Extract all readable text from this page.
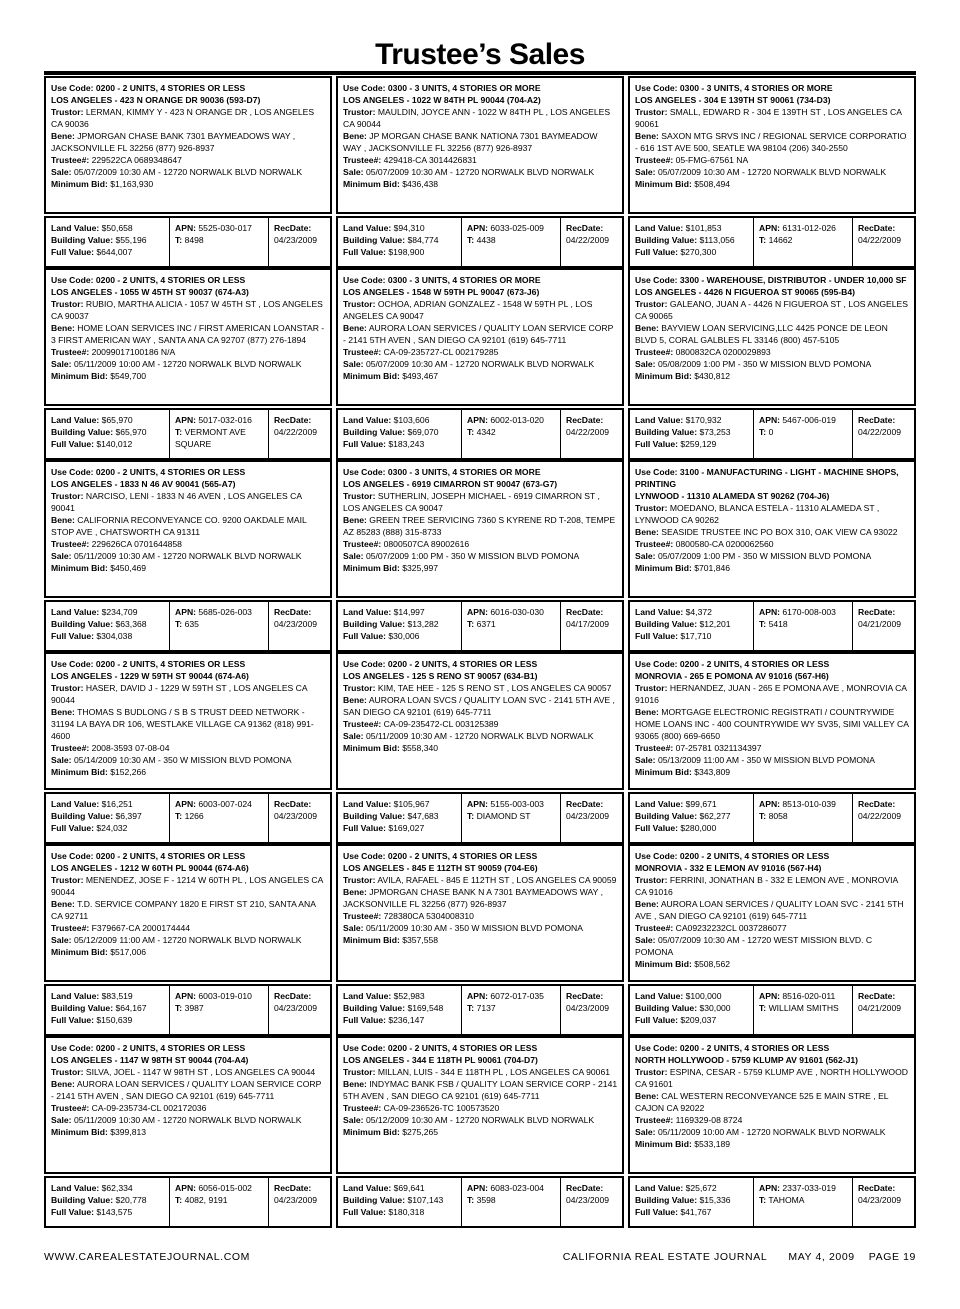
Trustee’s Sales
Use Code: 0200 - 2 UNITS, 4 STORIES OR LESS
LOS ANGELES - 423 N ORANGE DR 90036 (593-D7)
Trustor: LERMAN, KIMMY Y - 423 N ORANGE DR , LOS ANGELES CA 90036
Bene: JPMORGAN CHASE BANK 7301 BAYMEADOWS WAY , JACKSONVILLE FL 32256 (877) 926-8937
Trustee#: 229522CA 0689348647
Sale: 05/07/2009 10:30 AM - 12720 NORWALK BLVD NORWALK
Minimum Bid: $1,163,930
Land Value: $50,658
Building Value: $55,196
Full Value: $644,007
APN: 5525-030-017
T: 8498
RecDate:
04/23/2009
Use Code: 0200 - 2 UNITS, 4 STORIES OR LESS
LOS ANGELES - 1055 W 45TH ST 90037 (674-A3)
Trustor: RUBIO, MARTHA ALICIA - 1057 W 45TH ST , LOS ANGELES CA 90037
Bene: HOME LOAN SERVICES INC / FIRST AMERICAN LOANSTAR - 3 FIRST AMERICAN WAY , SANTA ANA CA 92707 (877) 276-1894
Trustee#: 20099017100186 N/A
Sale: 05/11/2009 10:00 AM - 12720 NORWALK BLVD NORWALK
Minimum Bid: $549,700
Land Value: $65,970
Building Value: $65,970
Full Value: $140,012
APN: 5017-032-016
T: VERMONT AVE SQUARE
RecDate:
04/22/2009
Use Code: 0200 - 2 UNITS, 4 STORIES OR LESS
LOS ANGELES - 1833 N 46 AV 90041 (565-A7)
Trustor: NARCISO, LENI - 1833 N 46 AVEN , LOS ANGELES CA 90041
Bene: CALIFORNIA RECONVEYANCE CO. 9200 OAKDALE MAIL STOP AVE , CHATSWORTH CA 91311
Trustee#: 229626CA 0701644858
Sale: 05/11/2009 10:30 AM - 12720 NORWALK BLVD NORWALK
Minimum Bid: $450,469
Land Value: $234,709
Building Value: $63,368
Full Value: $304,038
APN: 5685-026-003
T: 635
RecDate:
04/23/2009
Use Code: 0200 - 2 UNITS, 4 STORIES OR LESS
LOS ANGELES - 1229 W 59TH ST 90044 (674-A6)
Trustor: HASER, DAVID J - 1229 W 59TH ST , LOS ANGELES CA 90044
Bene: THOMAS S BUDLONG / S B S TRUST DEED NETWORK - 31194 LA BAYA DR 106, WESTLAKE VILLAGE CA 91362 (818) 991-4600
Trustee#: 2008-3593 07-08-04
Sale: 05/14/2009 10:30 AM - 350 W MISSION BLVD POMONA
Minimum Bid: $152,266
Land Value: $16,251
Building Value: $6,397
Full Value: $24,032
APN: 6003-007-024
T: 1266
RecDate:
04/23/2009
Use Code: 0200 - 2 UNITS, 4 STORIES OR LESS
LOS ANGELES - 1212 W 60TH PL 90044 (674-A6)
Trustor: MENENDEZ, JOSE F - 1214 W 60TH PL , LOS ANGELES CA 90044
Bene: T.D. SERVICE COMPANY 1820 E FIRST ST 210, SANTA ANA CA 92711
Trustee#: F379667-CA 2000174444
Sale: 05/12/2009 11:00 AM - 12720 NORWALK BLVD NORWALK
Minimum Bid: $517,006
Land Value: $83,519
Building Value: $64,167
Full Value: $150,639
APN: 6003-019-010
T: 3987
RecDate:
04/23/2009
Use Code: 0200 - 2 UNITS, 4 STORIES OR LESS
LOS ANGELES - 1147 W 98TH ST 90044 (704-A4)
Trustor: SILVA, JOEL - 1147 W 98TH ST , LOS ANGELES CA 90044
Bene: AURORA LOAN SERVICES / QUALITY LOAN SERVICE CORP - 2141 5TH AVEN , SAN DIEGO CA 92101 (619) 645-7711
Trustee#: CA-09-235734-CL 002172036
Sale: 05/11/2009 10:30 AM - 12720 NORWALK BLVD NORWALK
Minimum Bid: $399,813
Land Value: $62,334
Building Value: $20,778
Full Value: $143,575
APN: 6056-015-002
T: 4082, 9191
RecDate:
04/23/2009
Use Code: 0300 - 3 UNITS, 4 STORIES OR MORE
LOS ANGELES - 1022 W 84TH PL 90044 (704-A2)
Trustor: MAULDIN, JOYCE ANN - 1022 W 84TH PL , LOS ANGELES CA 90044
Bene: JP MORGAN CHASE BANK NATIONA 7301 BAYMEADOW WAY , JACKSONVILLE FL 32256 (877) 926-8937
Trustee#: 429418-CA 3014426831
Sale: 05/07/2009 10:30 AM - 12720 NORWALK BLVD NORWALK
Minimum Bid: $436,438
Land Value: $94,310
Building Value: $84,774
Full Value: $198,900
APN: 6033-025-009
T: 4438
RecDate:
04/22/2009
Use Code: 0300 - 3 UNITS, 4 STORIES OR MORE
LOS ANGELES - 1548 W 59TH PL 90047 (673-J6)
Trustor: OCHOA, ADRIAN GONZALEZ - 1548 W 59TH PL , LOS ANGELES CA 90047
Bene: AURORA LOAN SERVICES / QUALITY LOAN SERVICE CORP - 2141 5TH AVEN , SAN DIEGO CA 92101 (619) 645-7711
Trustee#: CA-09-235727-CL 002179285
Sale: 05/07/2009 10:30 AM - 12720 NORWALK BLVD NORWALK
Minimum Bid: $493,467
Land Value: $103,606
Building Value: $69,070
Full Value: $183,243
APN: 6002-013-020
T: 4342
RecDate:
04/22/2009
Use Code: 0300 - 3 UNITS, 4 STORIES OR MORE
LOS ANGELES - 6919 CIMARRON ST 90047 (673-G7)
Trustor: SUTHERLIN, JOSEPH MICHAEL - 6919 CIMARRON ST , LOS ANGELES CA 90047
Bene: GREEN TREE SERVICING 7360 S KYRENE RD T-208, TEMPE AZ 85283 (888) 315-8733
Trustee#: 0800507CA 89002616
Sale: 05/07/2009 1:00 PM - 350 W MISSION BLVD POMONA
Minimum Bid: $325,997
Land Value: $14,997
Building Value: $13,282
Full Value: $30,006
APN: 6016-030-030
T: 6371
RecDate:
04/17/2009
Use Code: 0200 - 2 UNITS, 4 STORIES OR LESS
LOS ANGELES - 125 S RENO ST 90057 (634-B1)
Trustor: KIM, TAE HEE - 125 S RENO ST , LOS ANGELES CA 90057
Bene: AURORA LOAN SVCS / QUALITY LOAN SVC - 2141 5TH AVE , SAN DIEGO CA 92101 (619) 645-7711
Trustee#: CA-09-235472-CL 003125389
Sale: 05/11/2009 10:30 AM - 12720 NORWALK BLVD NORWALK
Minimum Bid: $558,340
Land Value: $105,967
Building Value: $47,683
Full Value: $169,027
APN: 5155-003-003
T: DIAMOND ST
RecDate:
04/23/2009
Use Code: 0200 - 2 UNITS, 4 STORIES OR LESS
LOS ANGELES - 845 E 112TH ST 90059 (704-E6)
Trustor: AVILA, RAFAEL - 845 E 112TH ST , LOS ANGELES CA 90059
Bene: JPMORGAN CHASE BANK N A 7301 BAYMEADOWS WAY , JACKSONVILLE FL 32256 (877) 926-8937
Trustee#: 728380CA 5304008310
Sale: 05/11/2009 10:30 AM - 350 W MISSION BLVD POMONA
Minimum Bid: $357,558
Land Value: $52,983
Building Value: $169,548
Full Value: $236,147
APN: 6072-017-035
T: 7137
RecDate:
04/23/2009
Use Code: 0200 - 2 UNITS, 4 STORIES OR LESS
LOS ANGELES - 344 E 118TH PL 90061 (704-D7)
Trustor: MILLAN, LUIS - 344 E 118TH PL , LOS ANGELES CA 90061
Bene: INDYMAC BANK FSB / QUALITY LOAN SERVICE CORP - 2141 5TH AVEN , SAN DIEGO CA 92101 (619) 645-7711
Trustee#: CA-09-236526-TC 100573520
Sale: 05/12/2009 10:30 AM - 12720 NORWALK BLVD NORWALK
Minimum Bid: $275,265
Land Value: $69,641
Building Value: $107,143
Full Value: $180,318
APN: 6083-023-004
T: 3598
RecDate:
04/23/2009
Use Code: 0300 - 3 UNITS, 4 STORIES OR MORE
LOS ANGELES - 304 E 139TH ST 90061 (734-D3)
Trustor: SMALL, EDWARD R - 304 E 139TH ST , LOS ANGELES CA 90061
Bene: SAXON MTG SRVS INC / REGIONAL SERVICE CORPORATIO - 616 1ST AVE 500, SEATLE WA 98104 (206) 340-2550
Trustee#: 05-FMG-67561 NA
Sale: 05/07/2009 10:30 AM - 12720 NORWALK BLVD NORWALK
Minimum Bid: $508,494
Land Value: $101,853
Building Value: $113,056
Full Value: $270,300
APN: 6131-012-026
T: 14662
RecDate:
04/22/2009
Use Code: 3300 - WAREHOUSE, DISTRIBUTOR - UNDER 10,000 SF
LOS ANGELES - 4426 N FIGUEROA ST 90065 (595-B4)
Trustor: GALEANO, JUAN A - 4426 N FIGUEROA ST , LOS ANGELES CA 90065
Bene: BAYVIEW LOAN SERVICING,LLC 4425 PONCE DE LEON BLVD 5, CORAL GALBLES FL 33146 (800) 457-5105
Trustee#: 0800832CA 0200029893
Sale: 05/08/2009 1:00 PM - 350 W MISSION BLVD POMONA
Minimum Bid: $430,812
Land Value: $170,932
Building Value: $73,253
Full Value: $259,129
APN: 5467-006-019
T: 0
RecDate:
04/22/2009
Use Code: 3100 - MANUFACTURING - LIGHT - MACHINE SHOPS, PRINTING
LYNWOOD - 11310 ALAMEDA ST 90262 (704-J6)
Trustor: MOEDANO, BLANCA ESTELA - 11310 ALAMEDA ST , LYNWOOD CA 90262
Bene: SEASIDE TRUSTEE INC PO BOX 310, OAK VIEW CA 93022
Trustee#: 0800580-CA 0200062560
Sale: 05/07/2009 1:00 PM - 350 W MISSION BLVD POMONA
Minimum Bid: $701,846
Land Value: $4,372
Building Value: $12,201
Full Value: $17,710
APN: 6170-008-003
T: 5418
RecDate:
04/21/2009
Use Code: 0200 - 2 UNITS, 4 STORIES OR LESS
MONROVIA - 265 E POMONA AV 91016 (567-H6)
Trustor: HERNANDEZ, JUAN - 265 E POMONA AVE , MONROVIA CA 91016
Bene: MORTGAGE ELECTRONIC REGISTRATI / COUNTRYWIDE HOME LOANS INC - 400 COUNTRYWIDE WY SV35, SIMI VALLEY CA 93065 (800) 669-6650
Trustee#: 07-25781 0321134397
Sale: 05/13/2009 11:00 AM - 350 W MISSION BLVD POMONA
Minimum Bid: $343,809
Land Value: $99,671
Building Value: $62,277
Full Value: $280,000
APN: 8513-010-039
T: 8058
RecDate:
04/22/2009
Use Code: 0200 - 2 UNITS, 4 STORIES OR LESS
MONROVIA - 332 E LEMON AV 91016 (567-H4)
Trustor: FERRINI, JONATHAN B - 332 E LEMON AVE , MONROVIA CA 91016
Bene: AURORA LOAN SERVICES / QUALITY LOAN SVC - 2141 5TH AVE , SAN DIEGO CA 92101 (619) 645-7711
Trustee#: CA09232232CL 0037286077
Sale: 05/07/2009 10:30 AM - 12720 WEST MISSION BLVD. C POMONA
Minimum Bid: $508,562
Land Value: $100,000
Building Value: $30,000
Full Value: $209,037
APN: 8516-020-011
T: WILLIAM SMITHS
RecDate:
04/21/2009
Use Code: 0200 - 2 UNITS, 4 STORIES OR LESS
NORTH HOLLYWOOD - 5759 KLUMP AV 91601 (562-J1)
Trustor: ESPINA, CESAR - 5759 KLUMP AVE , NORTH HOLLYWOOD CA 91601
Bene: CAL WESTERN RECONVEYANCE 525 E MAIN STRE , EL CAJON CA 92022
Trustee#: 1169329-08 8724
Sale: 05/11/2009 10:00 AM - 12720 NORWALK BLVD NORWALK
Minimum Bid: $533,189
Land Value: $25,672
Building Value: $15,336
Full Value: $41,767
APN: 2337-033-019
T: TAHOMA
RecDate:
04/23/2009
WWW.CAREALESTATEJOURNAL.COM	CALIFORNIA REAL ESTATE JOURNAL MAY 4, 2009 PAGE 19
